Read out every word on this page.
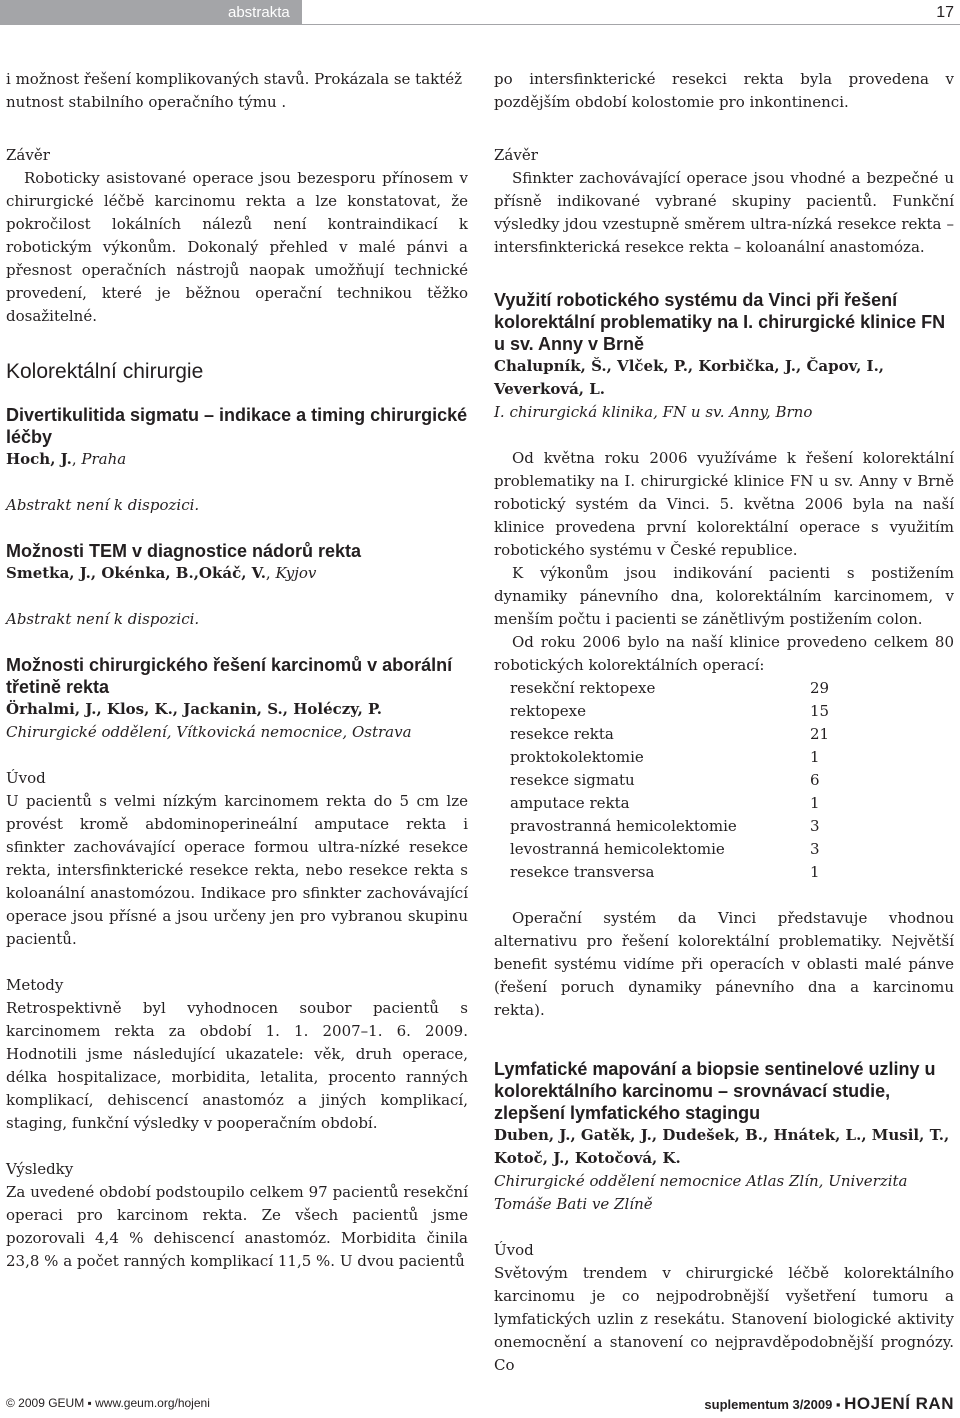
abstrakta	17

i možnost řešení komplikovaných stavů. Prokázala se taktéž
nutnost stabilního operačního týmu .

Závěr

Roboticky asistované operace jsou bezesporu přínosem v chirurgické léčbě karcinomu rekta a lze konstatovat, že pokročilost lokálních nálezů není kontraindikací k robotickým výkonům. Dokonalý přehled v malé pánvi a přesnost operačních nástrojů naopak umožňují technické provedení, které je běžnou operační technikou těžko dosažitelné.

Kolorektální chirurgie
Divertikulitida sigmatu – indikace a timing chirurgické léčby
Hoch, J., Praha
Abstrakt není k dispozici.
Možnosti TEM v diagnostice nádorů rekta
Smetka, J., Okénka, B.,Okáč, V., Kyjov
Abstrakt není k dispozici.
Možnosti chirurgického řešení karcinomů v aborální třetině rekta
Örhalmi, J., Klos, K., Jackanin, S., Holéczy, P.
Chirurgické oddělení, Vítkovická nemocnice, Ostrava
Úvod

U pacientů s velmi nízkým karcinomem rekta do 5 cm lze provést kromě abdominoperineální amputace rekta i sfinkter zachovávající operace formou ultra-nízké resekce rekta, intersfinkterické resekce rekta, nebo resekce rekta s koloanální anastomózou. Indikace pro sfinkter zachovávající operace jsou přísné a jsou určeny jen pro vybranou skupinu pacientů.

Metody

Retrospektivně byl vyhodnocen soubor pacientů s karcinomem rekta za období 1. 1. 2007–1. 6. 2009. Hodnotili jsme následující ukazatele: věk, druh operace, délka hospitalizace, morbidita, letalita, procento ranných komplikací, dehiscencí anastomóz a jiných komplikací, staging, funkční výsledky v pooperačním období.

Výsledky

Za uvedené období podstoupilo celkem 97 pacientů resekční operaci pro karcinom rekta. Ze všech pacientů jsme pozorovali 4,4 % dehiscencí anastomóz. Morbidita činila 23,8 % a počet ranných komplikací 11,5 %. U dvou pacientů

po intersfinkterické resekci rekta byla provedena v pozdějším období kolostomie pro inkontinenci.

Závěr

Sfinkter zachovávající operace jsou vhodné a bezpečné u přísně indikované vybrané skupiny pacientů. Funkční výsledky jdou vzestupně směrem ultra-nízká resekce rekta – intersfinkterická resekce rekta – koloanální anastomóza.

Využití robotického systému da Vinci při řešení kolorektální problematiky na I. chirurgické klinice FN u sv. Anny v Brně
Chalupník, Š., Vlček, P., Korbička, J., Čapov, I., Veverková, L.
I. chirurgická klinika, FN u sv. Anny, Brno

Od května roku 2006 využíváme k řešení kolorektální problematiky na I. chirurgické klinice FN u sv. Anny v Brně robotický systém da Vinci. 5. května 2006 byla na naší klinice provedena první kolorektální operace s využitím robotického systému v České republice.

K výkonům jsou indikování pacienti s postižením dynamiky pánevního dna, kolorektálním karcinomem, v menším počtu i pacienti se zánětlivým postižením colon.

Od roku 2006 bylo na naší klinice provedeno celkem 80 robotických kolorektálních operací:

resekční rektopexe	29
rektopexe	15
resekce rekta	21
proktokolektomie	1
resekce sigmatu	6
amputace rekta	1
pravostranná hemicolektomie	3
levostranná hemicolektomie	3
resekce transversa	1

Operační systém da Vinci představuje vhodnou alternativu pro řešení kolorektální problematiky. Největší benefit systému vidíme při operacích v oblasti malé pánve (řešení poruch dynamiky pánevního dna a karcinomu rekta).

Lymfatické mapování a biopsie sentinelové uzliny u kolorektálního karcinomu – srovnávací studie, zlepšení lymfatického stagingu
Duben, J., Gatěk, J., Dudešek, B., Hnátek, L., Musil, T., Kotoč, J., Kotočová, K.
Chirurgické oddělení nemocnice Atlas Zlín, Univerzita Tomáše Bati ve Zlíně
Úvod

Světovým trendem v chirurgické léčbě kolorektálního karcinomu je co nejpodrobnější vyšetření tumoru a lymfatických uzlin z resekátu. Stanovení biologické aktivity onemocnění a stanovení co nejpravděpodobnější prognózy. Co

© 2009 GEUM ▪ www.geum.org/hojeni	suplementum 3/2009 ▪ HOJENÍ RAN
